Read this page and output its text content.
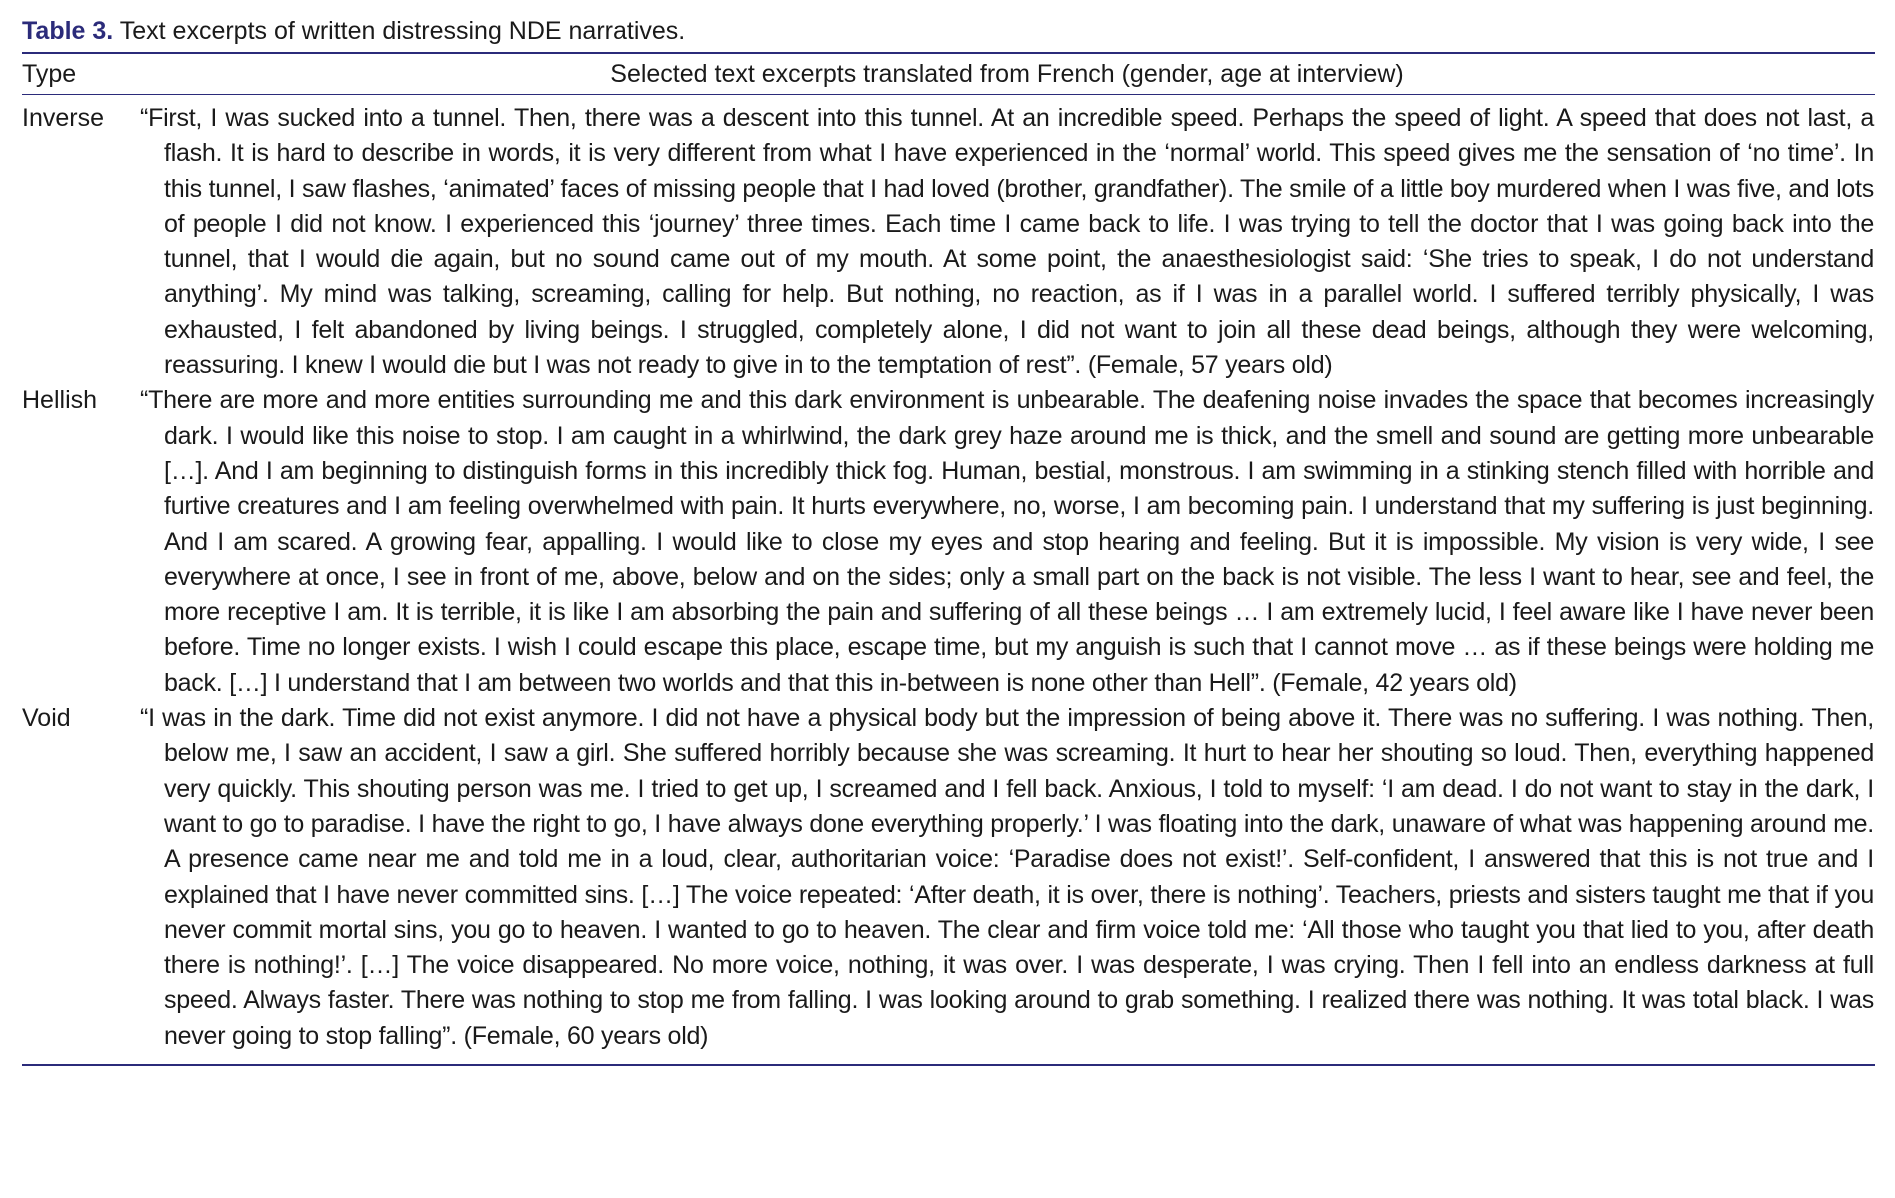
Table 3. Text excerpts of written distressing NDE narratives.
Type	Selected text excerpts translated from French (gender, age at interview)
Inverse	“First, I was sucked into a tunnel. Then, there was a descent into this tunnel. At an incredible speed. Perhaps the speed of light. A speed that does not last, a flash. It is hard to describe in words, it is very different from what I have experienced in the ‘normal’ world. This speed gives me the sensation of ‘no time’. In this tunnel, I saw flashes, ‘animated’ faces of missing people that I had loved (brother, grandfather). The smile of a little boy murdered when I was five, and lots of people I did not know. I experienced this ‘journey’ three times. Each time I came back to life. I was trying to tell the doctor that I was going back into the tunnel, that I would die again, but no sound came out of my mouth. At some point, the anaesthesiologist said: ‘She tries to speak, I do not understand anything’. My mind was talking, screaming, calling for help. But nothing, no reaction, as if I was in a parallel world. I suffered terribly physically, I was exhausted, I felt abandoned by living beings. I struggled, completely alone, I did not want to join all these dead beings, although they were welcoming, reassuring. I knew I would die but I was not ready to give in to the temptation of rest”. (Female, 57 years old)
Hellish	“There are more and more entities surrounding me and this dark environment is unbearable. The deafening noise invades the space that becomes increasingly dark. I would like this noise to stop. I am caught in a whirlwind, the dark grey haze around me is thick, and the smell and sound are getting more unbearable […]. And I am beginning to distinguish forms in this incredibly thick fog. Human, bestial, monstrous. I am swimming in a stinking stench filled with horrible and furtive creatures and I am feeling overwhelmed with pain. It hurts everywhere, no, worse, I am becoming pain. I understand that my suffering is just beginning. And I am scared. A growing fear, appalling. I would like to close my eyes and stop hearing and feeling. But it is impossible. My vision is very wide, I see everywhere at once, I see in front of me, above, below and on the sides; only a small part on the back is not visible. The less I want to hear, see and feel, the more receptive I am. It is terrible, it is like I am absorbing the pain and suffering of all these beings … I am extremely lucid, I feel aware like I have never been before. Time no longer exists. I wish I could escape this place, escape time, but my anguish is such that I cannot move … as if these beings were holding me back. […] I understand that I am between two worlds and that this in-between is none other than Hell”. (Female, 42 years old)
Void	“I was in the dark. Time did not exist anymore. I did not have a physical body but the impression of being above it. There was no suffering. I was nothing. Then, below me, I saw an accident, I saw a girl. She suffered horribly because she was screaming. It hurt to hear her shouting so loud. Then, everything happened very quickly. This shouting person was me. I tried to get up, I screamed and I fell back. Anxious, I told to myself: ‘I am dead. I do not want to stay in the dark, I want to go to paradise. I have the right to go, I have always done everything properly.’ I was floating into the dark, unaware of what was happening around me. A presence came near me and told me in a loud, clear, authoritarian voice: ‘Paradise does not exist!’. Self-confident, I answered that this is not true and I explained that I have never committed sins. […] The voice repeated: ‘After death, it is over, there is nothing’. Teachers, priests and sisters taught me that if you never commit mortal sins, you go to heaven. I wanted to go to heaven. The clear and firm voice told me: ‘All those who taught you that lied to you, after death there is nothing!’. […] The voice disappeared. No more voice, nothing, it was over. I was desperate, I was crying. Then I fell into an endless darkness at full speed. Always faster. There was nothing to stop me from falling. I was looking around to grab something. I realized there was nothing. It was total black. I was never going to stop falling”. (Female, 60 years old)
